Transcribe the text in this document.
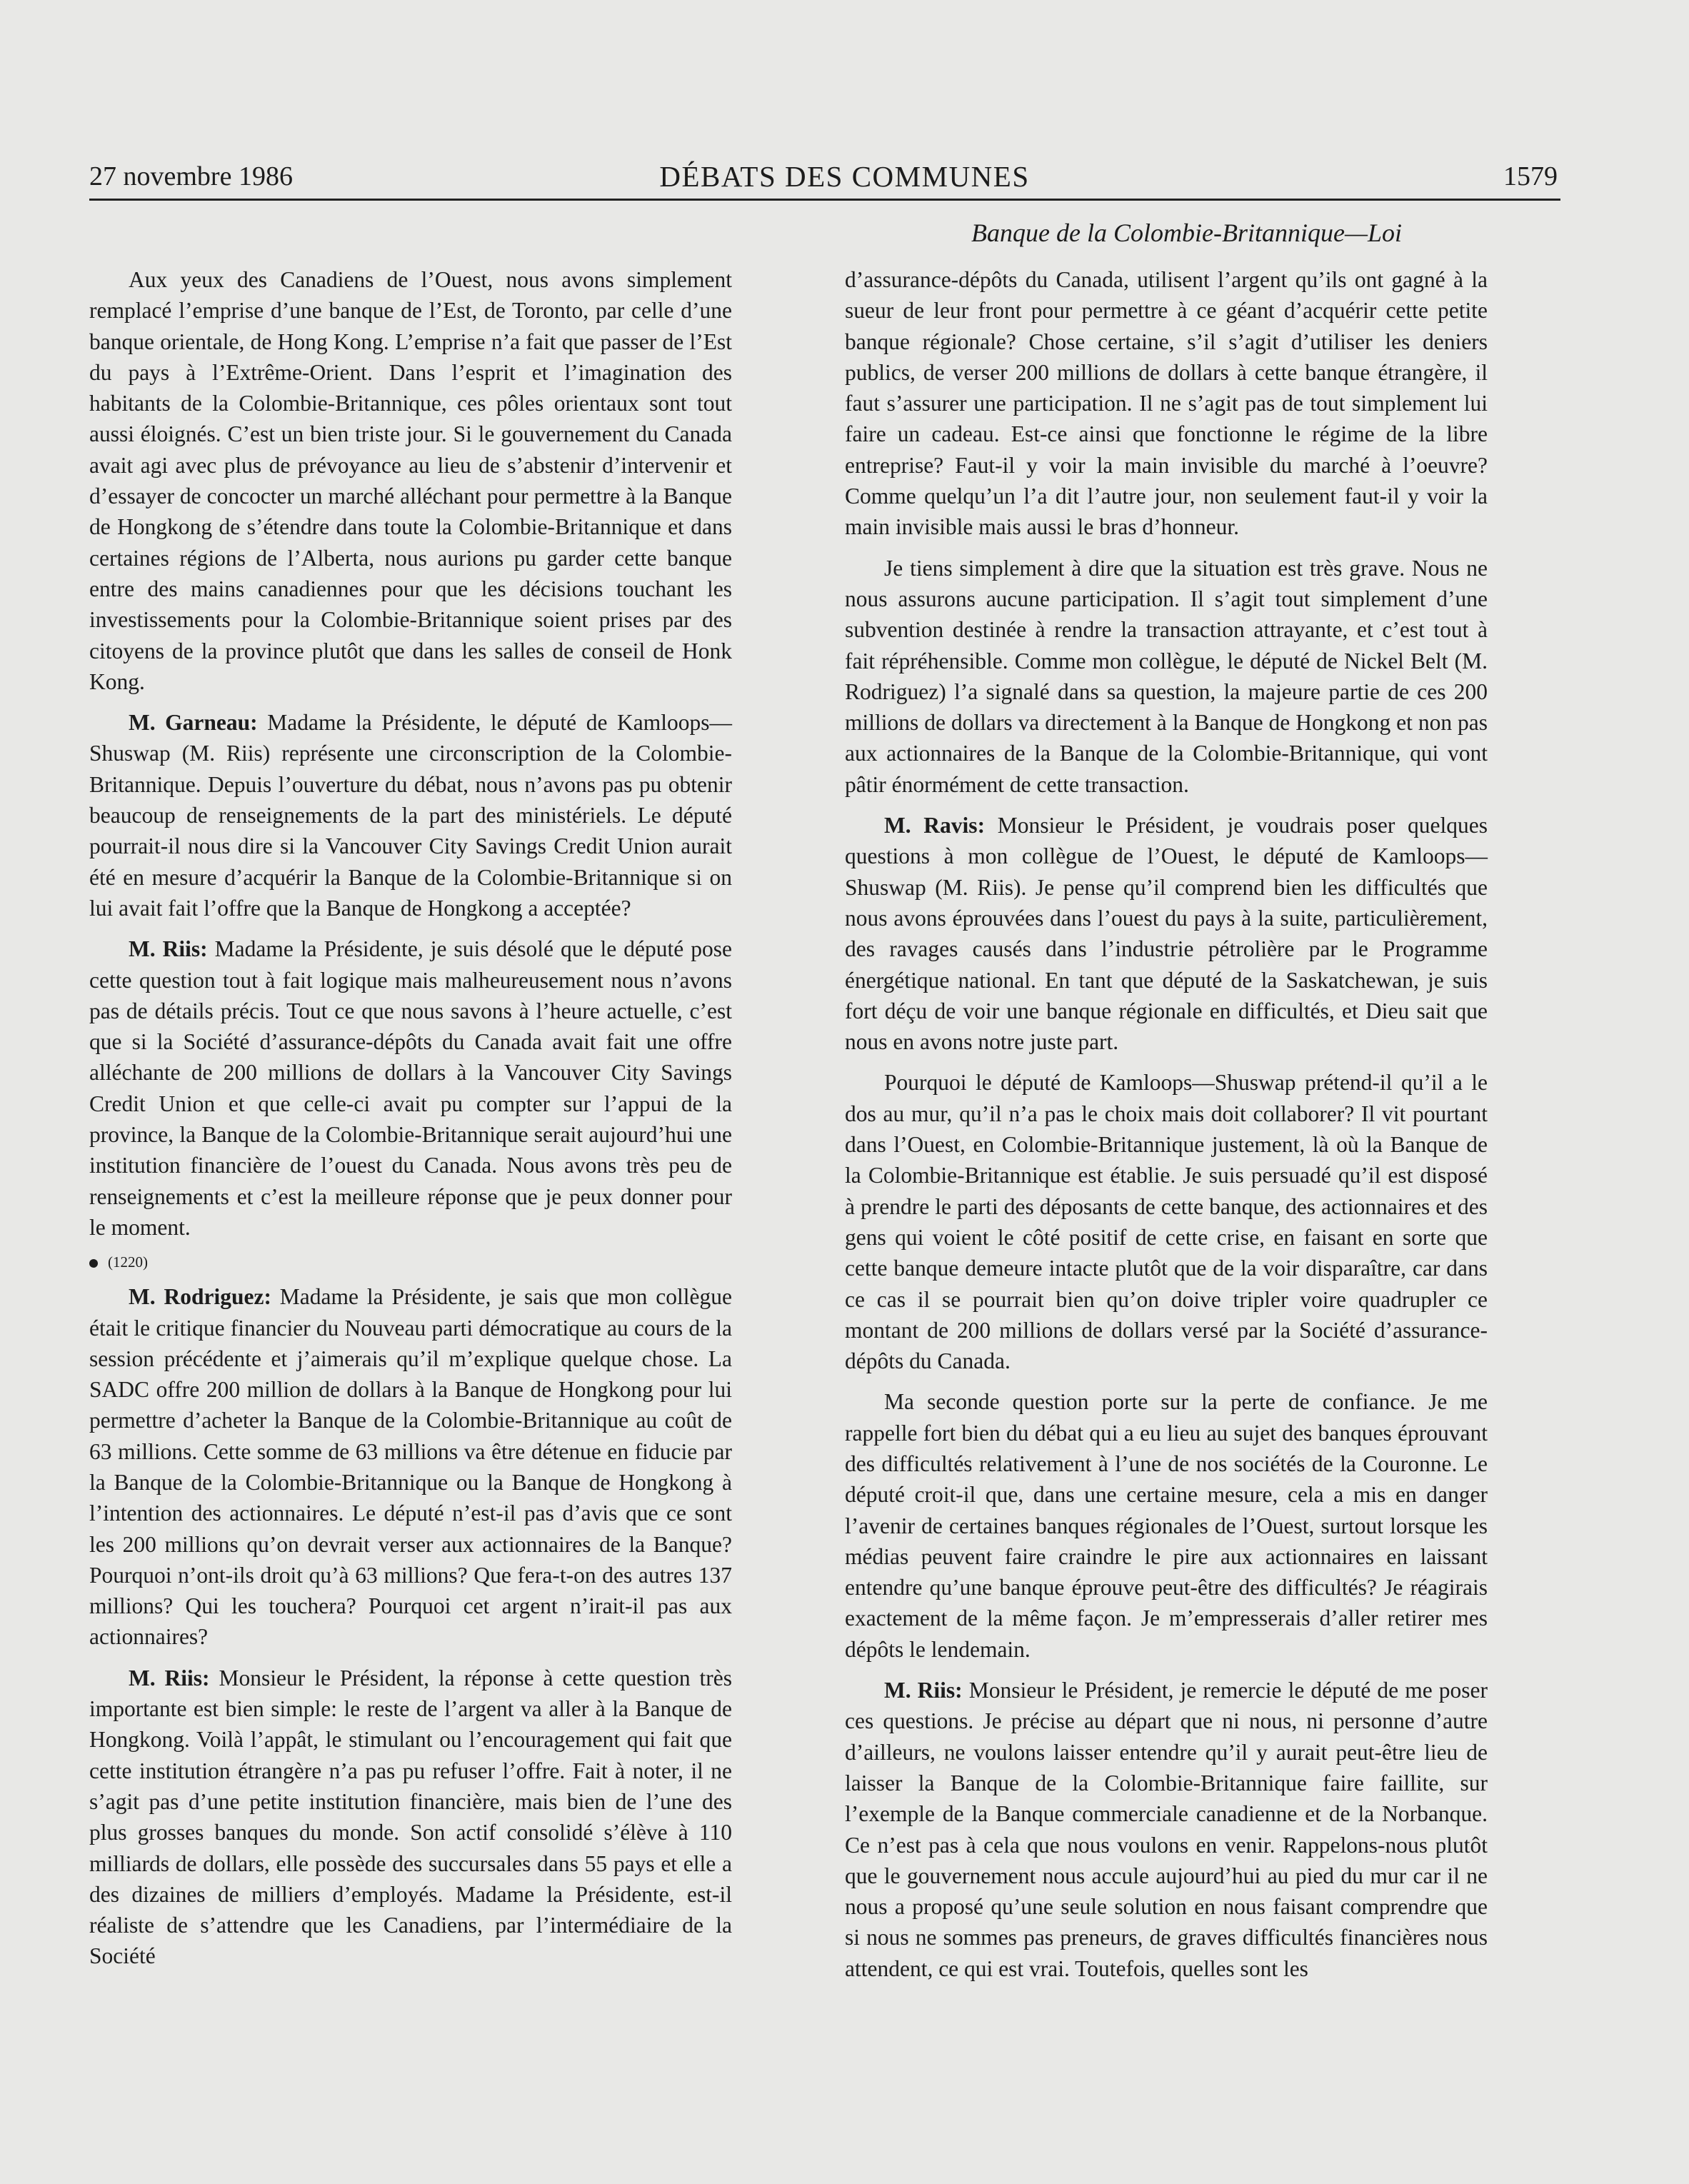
27 novembre 1986	DÉBATS DES COMMUNES	1579
Banque de la Colombie-Britannique—Loi

Aux yeux des Canadiens de l’Ouest, nous avons simplement remplacé l’emprise d’une banque de l’Est, de Toronto, par celle d’une banque orientale, de Hong Kong. L’emprise n’a fait que passer de l’Est du pays à l’Extrême-Orient. Dans l’esprit et l’imagination des habitants de la Colombie-Britannique, ces pôles orientaux sont tout aussi éloignés. C’est un bien triste jour. Si le gouvernement du Canada avait agi avec plus de prévoyance au lieu de s’abstenir d’intervenir et d’essayer de concocter un marché alléchant pour permettre à la Banque de Hongkong de s’étendre dans toute la Colombie-Britannique et dans certaines régions de l’Alberta, nous aurions pu garder cette banque entre des mains canadiennes pour que les décisions touchant les investissements pour la Colombie-Britannique soient prises par des citoyens de la province plutôt que dans les salles de conseil de Honk Kong.

M. Garneau: Madame la Présidente, le député de Kamloops—Shuswap (M. Riis) représente une circonscription de la Colombie-Britannique. Depuis l’ouverture du débat, nous n’avons pas pu obtenir beaucoup de renseignements de la part des ministériels. Le député pourrait-il nous dire si la Vancouver City Savings Credit Union aurait été en mesure d’acquérir la Banque de la Colombie-Britannique si on lui avait fait l’offre que la Banque de Hongkong a acceptée?

M. Riis: Madame la Présidente, je suis désolé que le député pose cette question tout à fait logique mais malheureusement nous n’avons pas de détails précis. Tout ce que nous savons à l’heure actuelle, c’est que si la Société d’assurance-dépôts du Canada avait fait une offre alléchante de 200 millions de dollars à la Vancouver City Savings Credit Union et que celle-ci avait pu compter sur l’appui de la province, la Banque de la Colombie-Britannique serait aujourd’hui une institution financière de l’ouest du Canada. Nous avons très peu de renseignements et c’est la meilleure réponse que je peux donner pour le moment.

(1220)

M. Rodriguez: Madame la Présidente, je sais que mon collègue était le critique financier du Nouveau parti démocratique au cours de la session précédente et j’aimerais qu’il m’explique quelque chose. La SADC offre 200 million de dollars à la Banque de Hongkong pour lui permettre d’acheter la Banque de la Colombie-Britannique au coût de 63 millions. Cette somme de 63 millions va être détenue en fiducie par la Banque de la Colombie-Britannique ou la Banque de Hongkong à l’intention des actionnaires. Le député n’est-il pas d’avis que ce sont les 200 millions qu’on devrait verser aux actionnaires de la Banque? Pourquoi n’ont-ils droit qu’à 63 millions? Que fera-t-on des autres 137 millions? Qui les touchera? Pourquoi cet argent n’irait-il pas aux actionnaires?

M. Riis: Monsieur le Président, la réponse à cette question très importante est bien simple: le reste de l’argent va aller à la Banque de Hongkong. Voilà l’appât, le stimulant ou l’encouragement qui fait que cette institution étrangère n’a pas pu refuser l’offre. Fait à noter, il ne s’agit pas d’une petite institution financière, mais bien de l’une des plus grosses banques du monde. Son actif consolidé s’élève à 110 milliards de dollars, elle possède des succursales dans 55 pays et elle a des dizaines de milliers d’employés. Madame la Présidente, est-il réaliste de s’attendre que les Canadiens, par l’intermédiaire de la Société

d’assurance-dépôts du Canada, utilisent l’argent qu’ils ont gagné à la sueur de leur front pour permettre à ce géant d’acquérir cette petite banque régionale? Chose certaine, s’il s’agit d’utiliser les deniers publics, de verser 200 millions de dollars à cette banque étrangère, il faut s’assurer une participation. Il ne s’agit pas de tout simplement lui faire un cadeau. Est-ce ainsi que fonctionne le régime de la libre entreprise? Faut-il y voir la main invisible du marché à l’oeuvre? Comme quelqu’un l’a dit l’autre jour, non seulement faut-il y voir la main invisible mais aussi le bras d’honneur.

Je tiens simplement à dire que la situation est très grave. Nous ne nous assurons aucune participation. Il s’agit tout simplement d’une subvention destinée à rendre la transaction attrayante, et c’est tout à fait répréhensible. Comme mon collègue, le député de Nickel Belt (M. Rodriguez) l’a signalé dans sa question, la majeure partie de ces 200 millions de dollars va directement à la Banque de Hongkong et non pas aux actionnaires de la Banque de la Colombie-Britannique, qui vont pâtir énormément de cette transaction.

M. Ravis: Monsieur le Président, je voudrais poser quelques questions à mon collègue de l’Ouest, le député de Kamloops—Shuswap (M. Riis). Je pense qu’il comprend bien les difficultés que nous avons éprouvées dans l’ouest du pays à la suite, particulièrement, des ravages causés dans l’industrie pétrolière par le Programme énergétique national. En tant que député de la Saskatchewan, je suis fort déçu de voir une banque régionale en difficultés, et Dieu sait que nous en avons notre juste part.

Pourquoi le député de Kamloops—Shuswap prétend-il qu’il a le dos au mur, qu’il n’a pas le choix mais doit collaborer? Il vit pourtant dans l’Ouest, en Colombie-Britannique justement, là où la Banque de la Colombie-Britannique est établie. Je suis persuadé qu’il est disposé à prendre le parti des déposants de cette banque, des actionnaires et des gens qui voient le côté positif de cette crise, en faisant en sorte que cette banque demeure intacte plutôt que de la voir disparaître, car dans ce cas il se pourrait bien qu’on doive tripler voire quadrupler ce montant de 200 millions de dollars versé par la Société d’assurance-dépôts du Canada.

Ma seconde question porte sur la perte de confiance. Je me rappelle fort bien du débat qui a eu lieu au sujet des banques éprouvant des difficultés relativement à l’une de nos sociétés de la Couronne. Le député croit-il que, dans une certaine mesure, cela a mis en danger l’avenir de certaines banques régionales de l’Ouest, surtout lorsque les médias peuvent faire craindre le pire aux actionnaires en laissant entendre qu’une banque éprouve peut-être des difficultés? Je réagirais exactement de la même façon. Je m’empresserais d’aller retirer mes dépôts le lendemain.

M. Riis: Monsieur le Président, je remercie le député de me poser ces questions. Je précise au départ que ni nous, ni personne d’autre d’ailleurs, ne voulons laisser entendre qu’il y aurait peut-être lieu de laisser la Banque de la Colombie-Britannique faire faillite, sur l’exemple de la Banque commerciale canadienne et de la Norbanque. Ce n’est pas à cela que nous voulons en venir. Rappelons-nous plutôt que le gouvernement nous accule aujourd’hui au pied du mur car il ne nous a proposé qu’une seule solution en nous faisant comprendre que si nous ne sommes pas preneurs, de graves difficultés financières nous attendent, ce qui est vrai. Toutefois, quelles sont les
